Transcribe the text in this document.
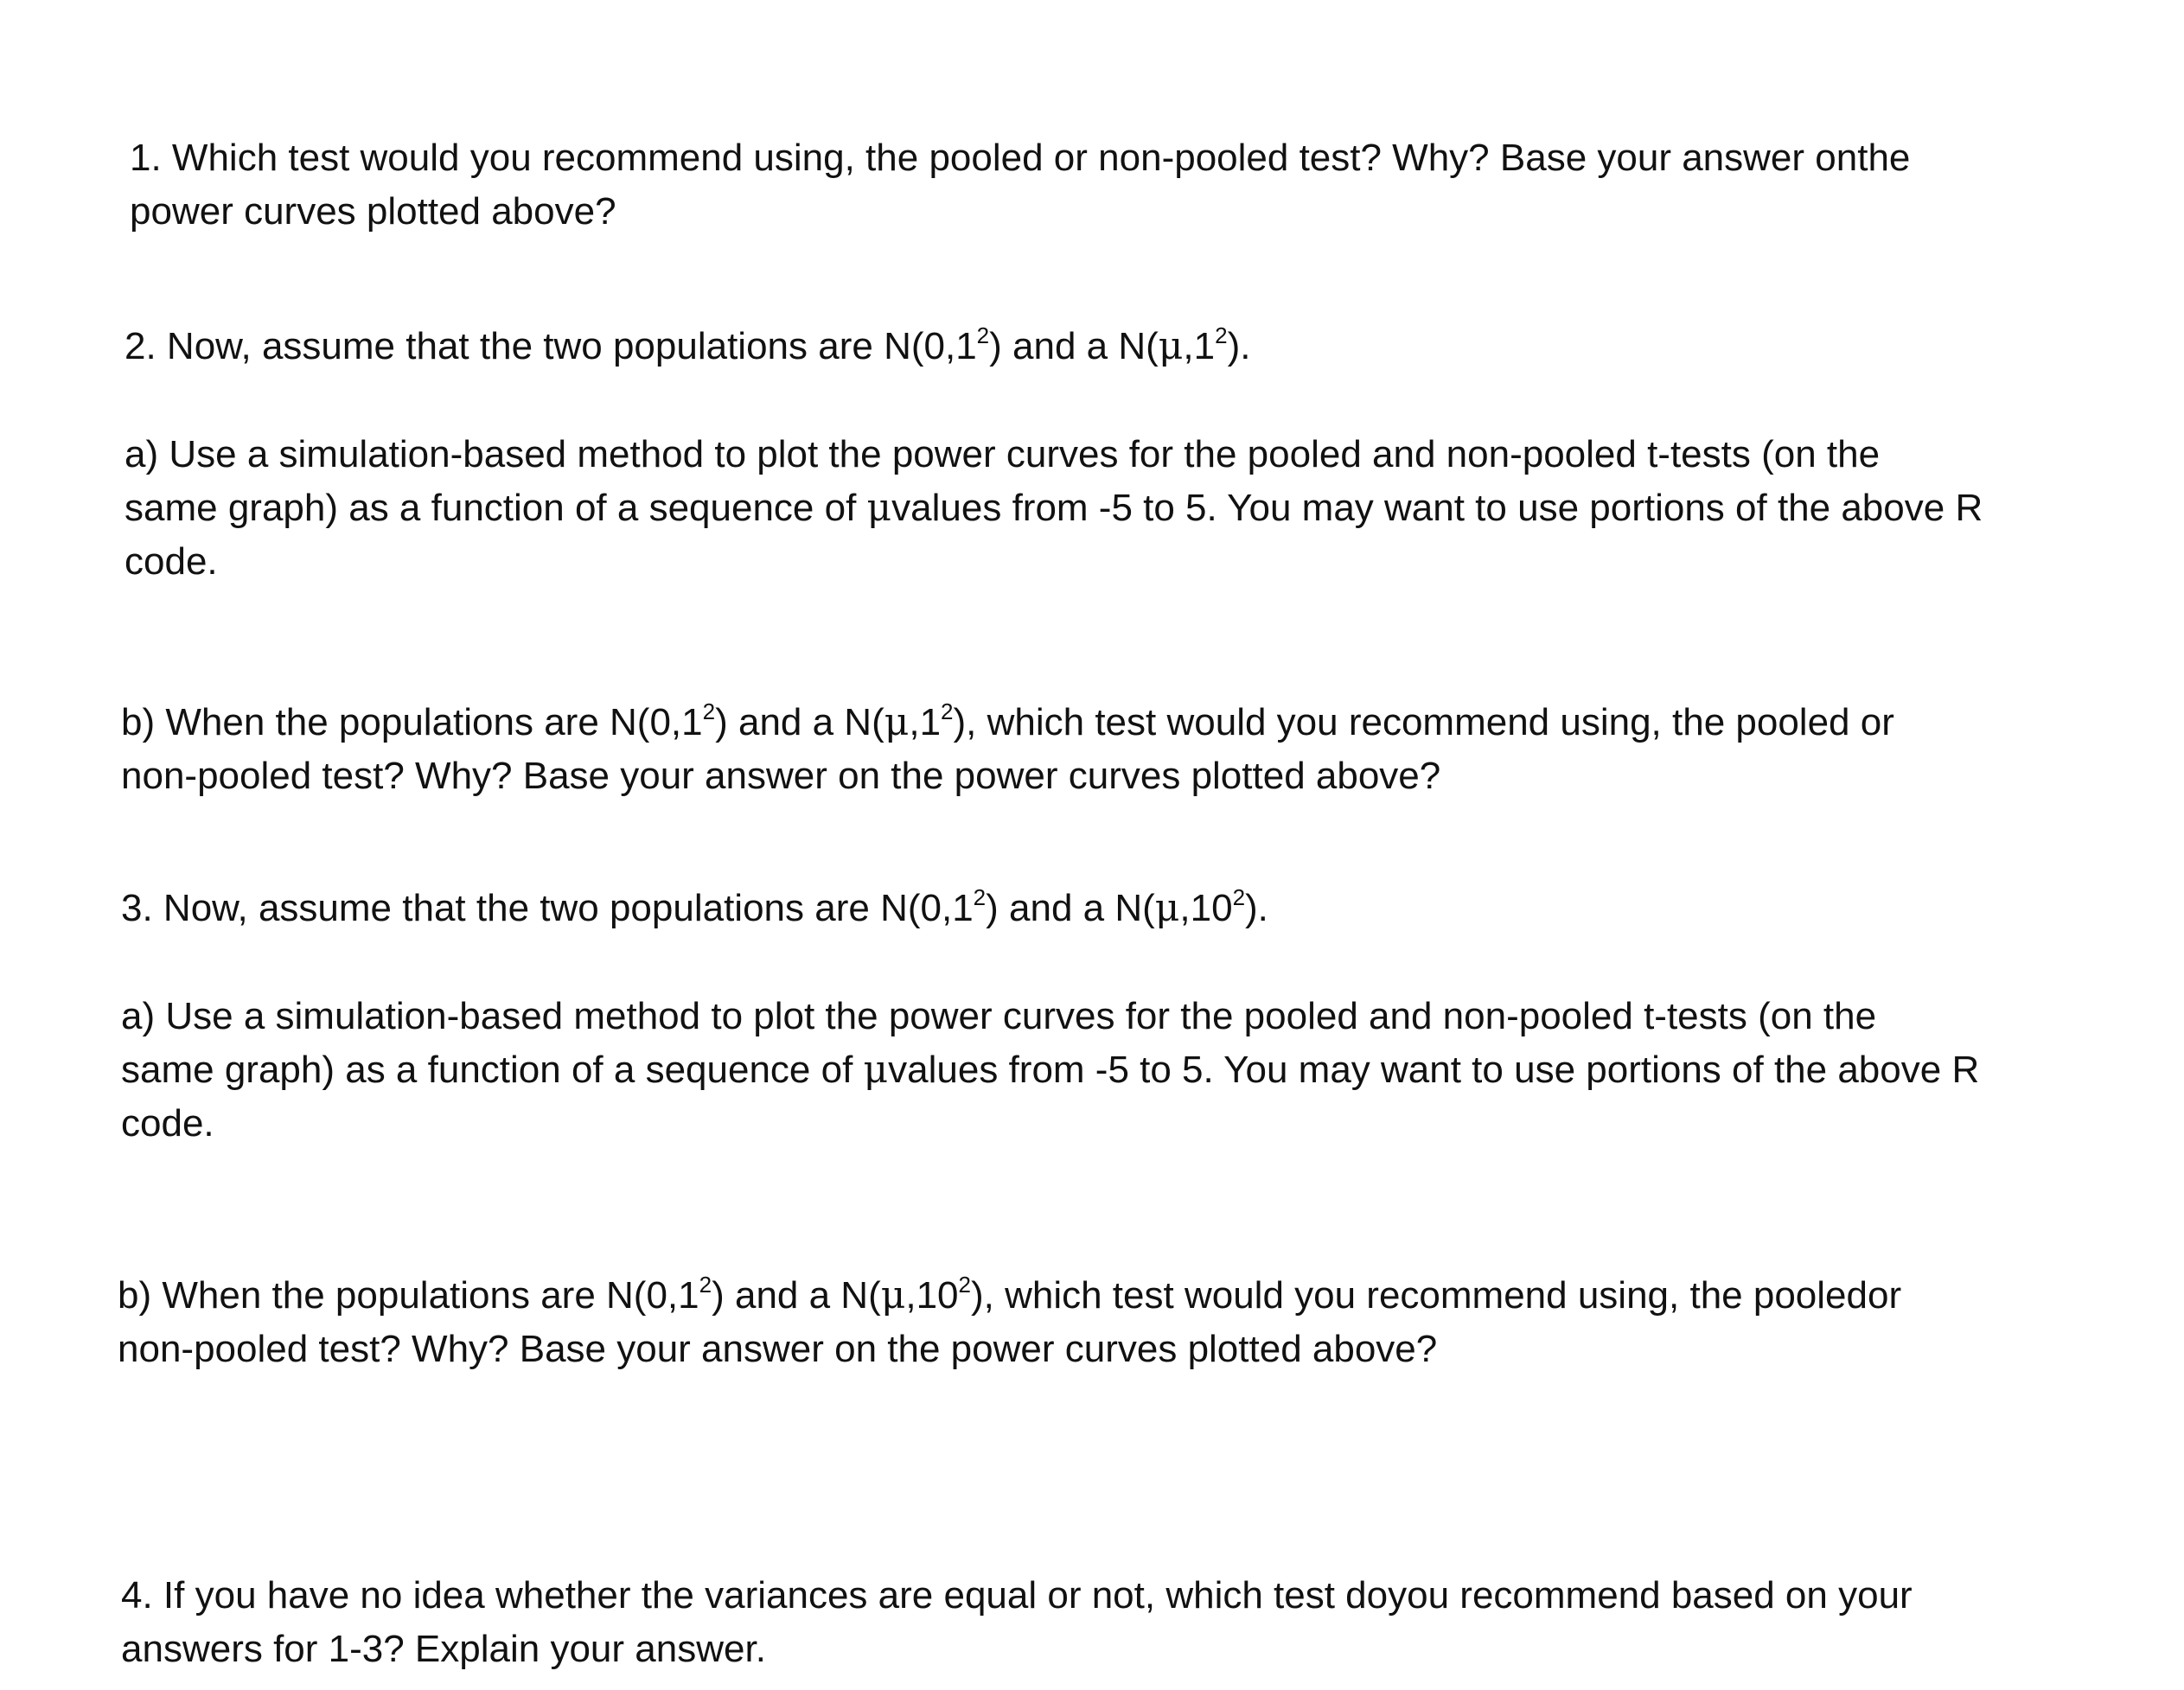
1. Which test would you recommend using, the pooled or non-pooled test? Why? Base your answer onthe
power curves plotted above?
2. Now, assume that the two populations are $N(0,1^2)$ and a $N(\mu,1^2)$.
a) Use a simulation-based method to plot the power curves for the pooled and non-pooled t-tests (on the
same graph) as a function of a sequence of μvalues from -5 to 5. You may want to use portions of the above R
code.
b) When the populations are $N(0,1^2)$ and a $N(\mu,1^2)$, which test would you recommend using, the pooled or
non-pooled test? Why? Base your answer on the power curves plotted above?
3. Now, assume that the two populations are $N(0,1^2)$ and a $N(\mu,10^2)$.
a) Use a simulation-based method to plot the power curves for the pooled and non-pooled t-tests (on the
same graph) as a function of a sequence of μvalues from -5 to 5. You may want to use portions of the above R
code.
b) When the populations are $N(0,1^2)$ and a $N(\mu,10^2)$, which test would you recommend using, the pooledor
non-pooled test? Why? Base your answer on the power curves plotted above?
4. If you have no idea whether the variances are equal or not, which test doyou recommend based on your
answers for 1-3? Explain your answer.
